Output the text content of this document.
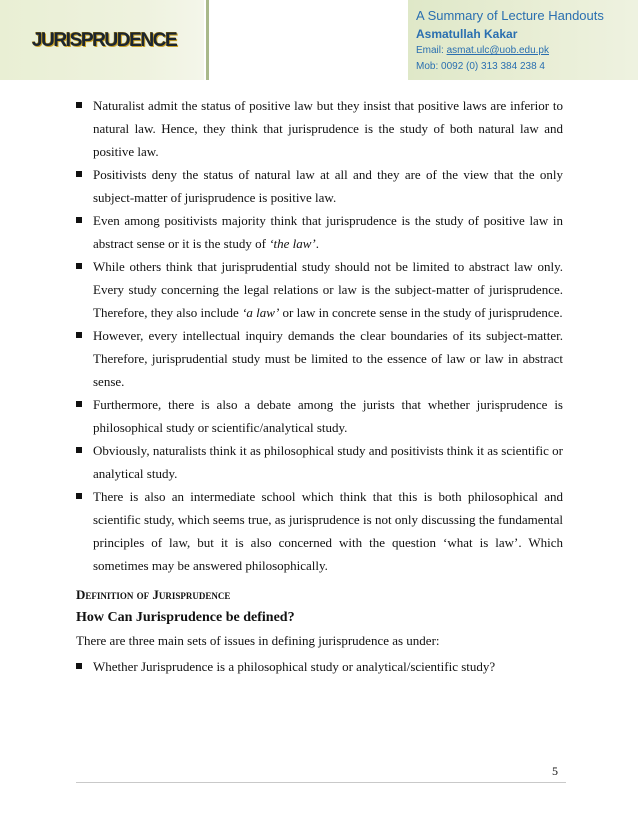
JURISPRUDENCE
A Summary of Lecture Handouts
Asmatullah Kakar
Email: asmat.ulc@uob.edu.pk
Mob: 0092 (0) 313 384 238 4
Naturalist admit the status of positive law but they insist that positive laws are inferior to natural law. Hence, they think that jurisprudence is the study of both natural law and positive law.
Positivists deny the status of natural law at all and they are of the view that the only subject-matter of jurisprudence is positive law.
Even among positivists majority think that jurisprudence is the study of positive law in abstract sense or it is the study of ‘the law’.
While others think that jurisprudential study should not be limited to abstract law only. Every study concerning the legal relations or law is the subject-matter of jurisprudence. Therefore, they also include ‘a law’ or law in concrete sense in the study of jurisprudence.
However, every intellectual inquiry demands the clear boundaries of its subject-matter. Therefore, jurisprudential study must be limited to the essence of law or law in abstract sense.
Furthermore, there is also a debate among the jurists that whether jurisprudence is philosophical study or scientific/analytical study.
Obviously, naturalists think it as philosophical study and positivists think it as scientific or analytical study.
There is also an intermediate school which think that this is both philosophical and scientific study, which seems true, as jurisprudence is not only discussing the fundamental principles of law, but it is also concerned with the question ‘what is law’. Which sometimes may be answered philosophically.
Definition of Jurisprudence
How Can Jurisprudence be defined?
There are three main sets of issues in defining jurisprudence as under:
Whether Jurisprudence is a philosophical study or analytical/scientific study?
5
